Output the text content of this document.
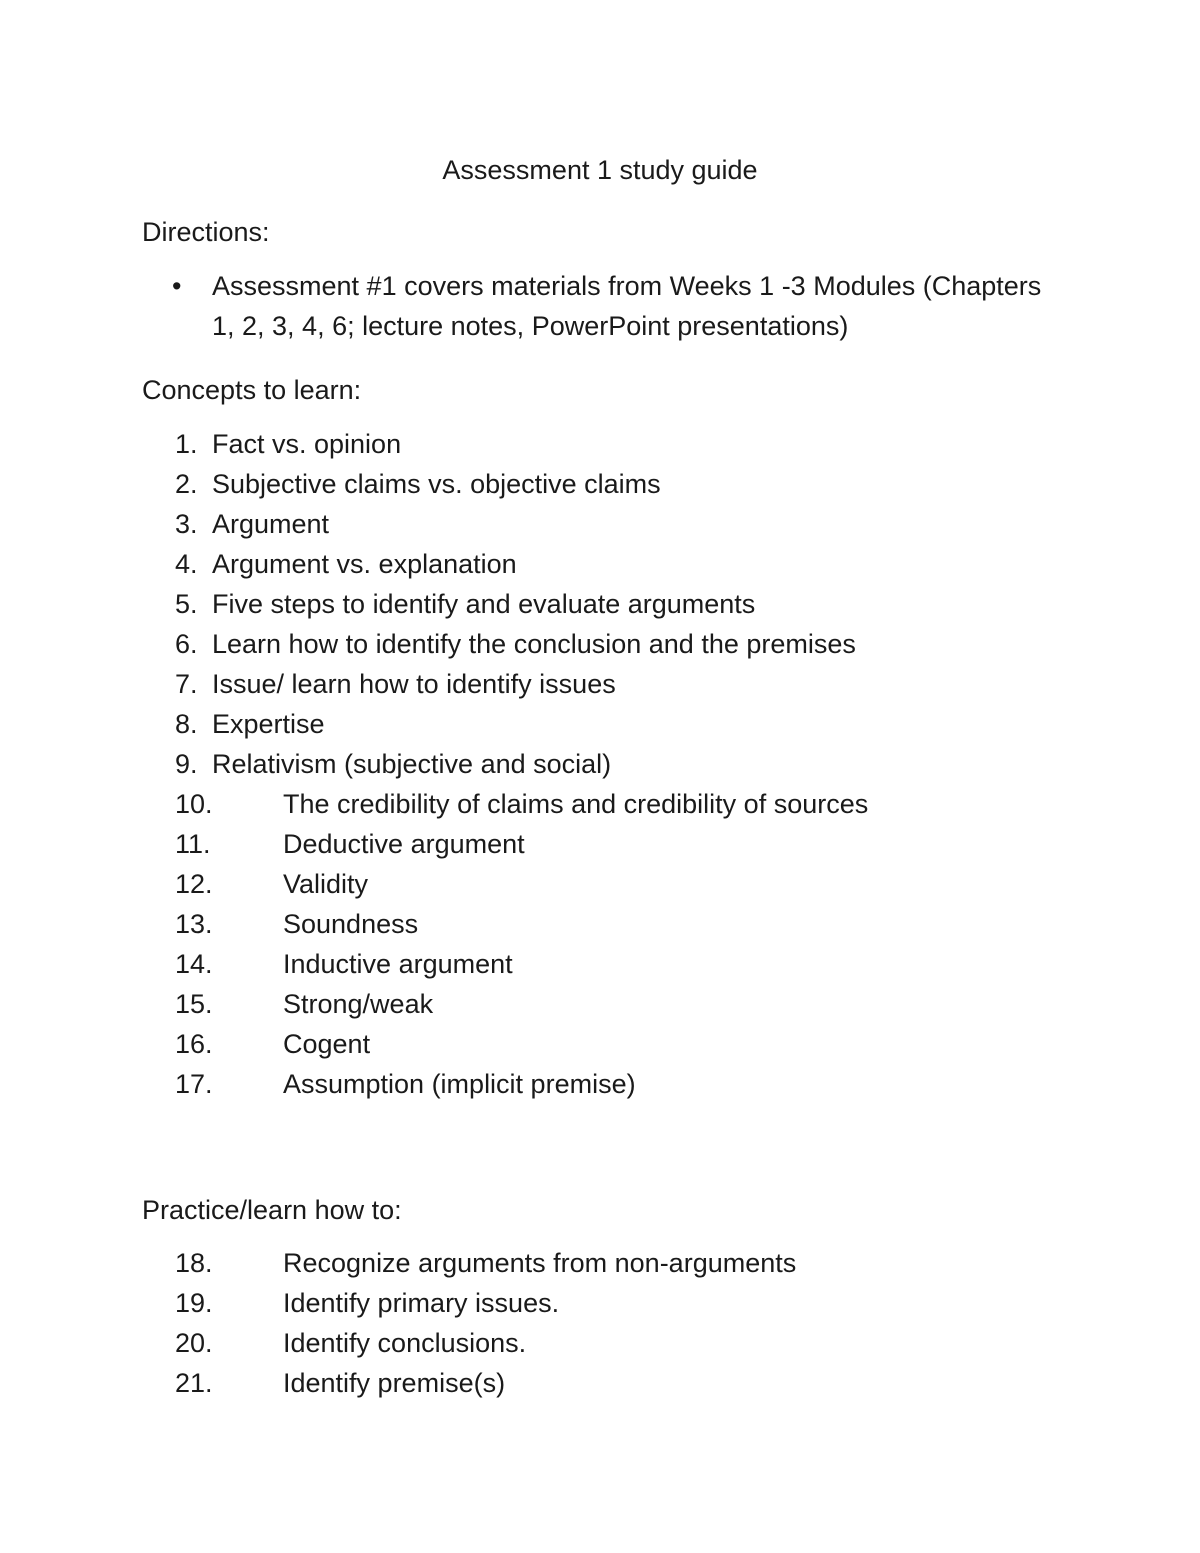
Assessment 1 study guide
Directions:
•	Assessment #1 covers materials from Weeks 1 -3 Modules (Chapters
1, 2, 3, 4, 6; lecture notes, PowerPoint presentations)
Concepts to learn:
1. Fact vs. opinion
2. Subjective claims vs. objective claims
3. Argument
4. Argument vs. explanation
5. Five steps to identify and evaluate arguments
6. Learn how to identify the conclusion and the premises
7. Issue/ learn how to identify issues
8. Expertise
9. Relativism (subjective and social)
10.	The credibility of claims and credibility of sources
11.	Deductive argument
12.	Validity
13.	Soundness
14.	Inductive argument
15.	Strong/weak
16.	Cogent
17.	Assumption (implicit premise)
Practice/learn how to:
18.	Recognize arguments from non-arguments
19.	Identify primary issues.
20.	Identify conclusions.
21.	Identify premise(s)
